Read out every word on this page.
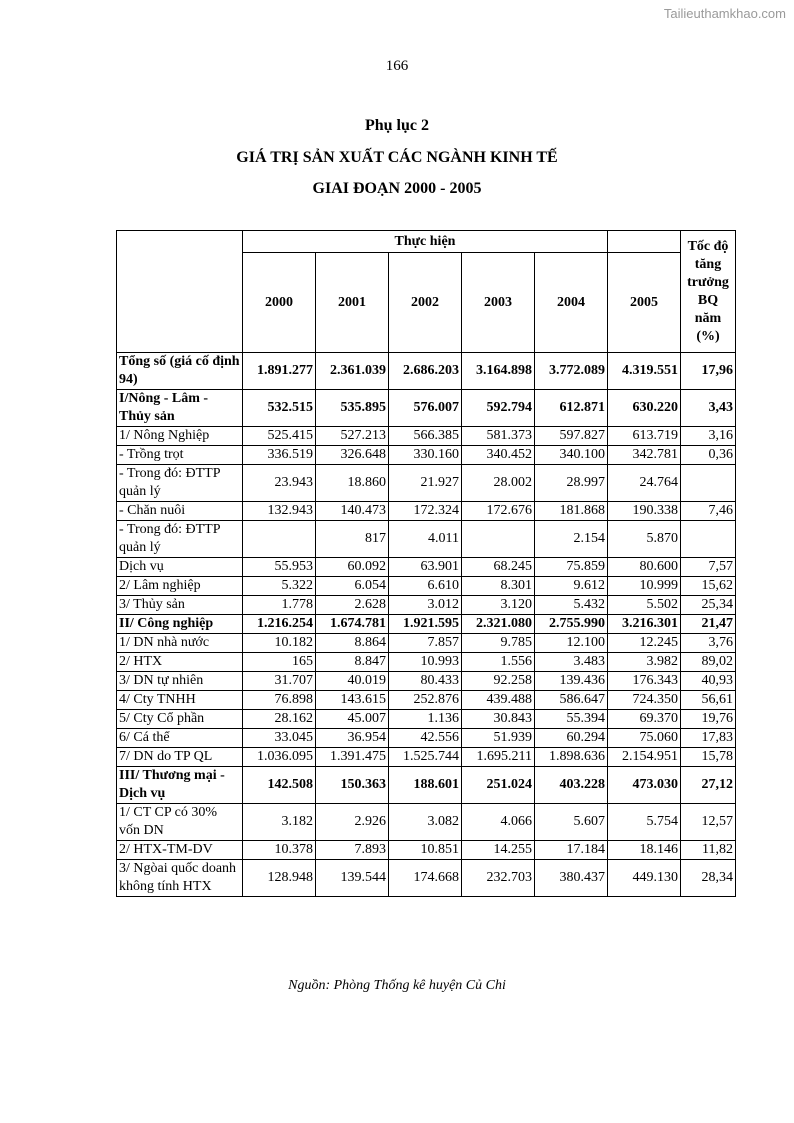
Tailieuthamkhao.com
166
Phụ lục 2
GIÁ TRỊ SẢN XUẤT CÁC NGÀNH KINH TẾ
GIAI ĐOẠN 2000 - 2005
	Thực hiện						Tốc độ tăng trưởng BQ năm (%)
	2000	2001	2002	2003	2004	2005	
Tổng số (giá cố định 94)	1.891.277	2.361.039	2.686.203	3.164.898	3.772.089	4.319.551	17,96
I/Nông - Lâm - Thủy sản	532.515	535.895	576.007	592.794	612.871	630.220	3,43
1/ Nông Nghiệp	525.415	527.213	566.385	581.373	597.827	613.719	3,16
- Trồng trọt	336.519	326.648	330.160	340.452	340.100	342.781	0,36
- Trong đó: ĐTTP quản lý	23.943	18.860	21.927	28.002	28.997	24.764	
- Chăn nuôi	132.943	140.473	172.324	172.676	181.868	190.338	7,46
- Trong đó: ĐTTP quản lý		817	4.011		2.154	5.870	
Dịch vụ	55.953	60.092	63.901	68.245	75.859	80.600	7,57
2/ Lâm nghiệp	5.322	6.054	6.610	8.301	9.612	10.999	15,62
3/ Thủy sản	1.778	2.628	3.012	3.120	5.432	5.502	25,34
II/ Công nghiệp	1.216.254	1.674.781	1.921.595	2.321.080	2.755.990	3.216.301	21,47
1/ DN nhà nước	10.182	8.864	7.857	9.785	12.100	12.245	3,76
2/ HTX	165	8.847	10.993	1.556	3.483	3.982	89,02
3/ DN tự nhiên	31.707	40.019	80.433	92.258	139.436	176.343	40,93
4/ Cty TNHH	76.898	143.615	252.876	439.488	586.647	724.350	56,61
5/ Cty Cổ phần	28.162	45.007	1.136	30.843	55.394	69.370	19,76
6/ Cá thể	33.045	36.954	42.556	51.939	60.294	75.060	17,83
7/ DN do TP QL	1.036.095	1.391.475	1.525.744	1.695.211	1.898.636	2.154.951	15,78
III/ Thương mại - Dịch vụ	142.508	150.363	188.601	251.024	403.228	473.030	27,12
1/ CT CP có 30% vốn DN	3.182	2.926	3.082	4.066	5.607	5.754	12,57
2/ HTX-TM-DV	10.378	7.893	10.851	14.255	17.184	18.146	11,82
3/ Ngòai quốc doanh không tính HTX	128.948	139.544	174.668	232.703	380.437	449.130	28,34
Nguồn: Phòng Thống kê huyện Củ Chi
